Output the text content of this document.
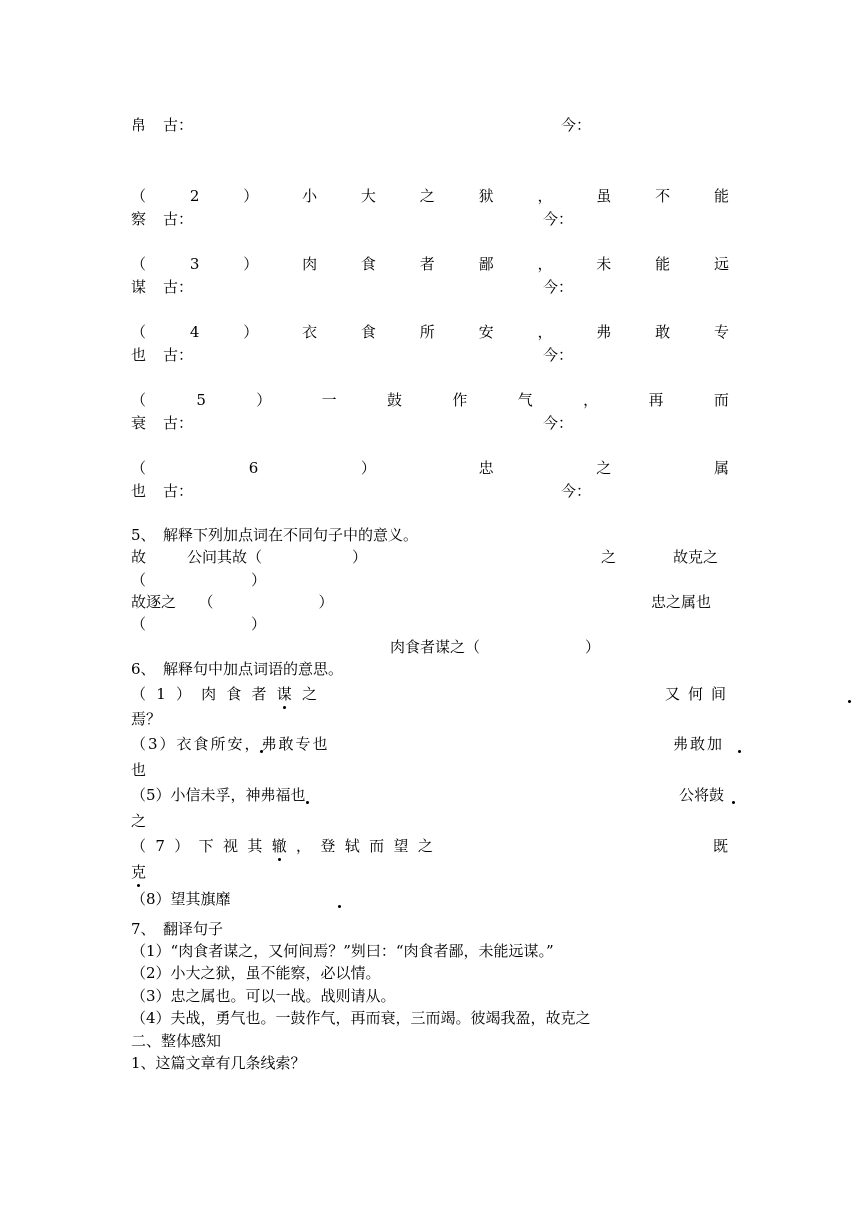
帛 古：	今：
（	2	）	小	大	之	狱	，	虽	不	能
察 古：	今：
（	3	）	肉	食	者	鄙	，	未	能	远
谋 古：	今：
（	4	）	衣	食	所	安	，	弗	敢	专
也 古：	今：
（	5	）	一	鼓	作	气	，	再	而
衰 古：	今：
（	6	）	忠	之	属
也 古：	今：
5、　解释下列加点词在不同句子中的意义。
故	公问其故（　　　　　　）	之	故克之
（　　　　　　　）
故逐之　　（　　　　　　　）	忠之属也
（　　　　　　　）
肉食者谋之（　　　　　　　）
6、　解释句中加点词语的意思。
（ 1 ） 肉 食 者 谋 之	又何间
焉？
（3）衣食所安，弗敢专也
	弗敢加
也
（5）小信未孚，神弗福也
	公将鼓
之
（ 7 ） 下 视 其 辙 ， 登 轼 而 望 之	既
克
（8）望其旗靡
7、　翻译句子
（1）“肉食者谋之，又何间焉？”刿曰：“肉食者鄙，未能远谋。”
（2）小大之狱，虽不能察，必以情。
（3）忠之属也。可以一战。战则请从。
（4）夫战，勇气也。一鼓作气，再而衰，三而竭。彼竭我盈，故克之
二、整体感知
1、这篇文章有几条线索？
